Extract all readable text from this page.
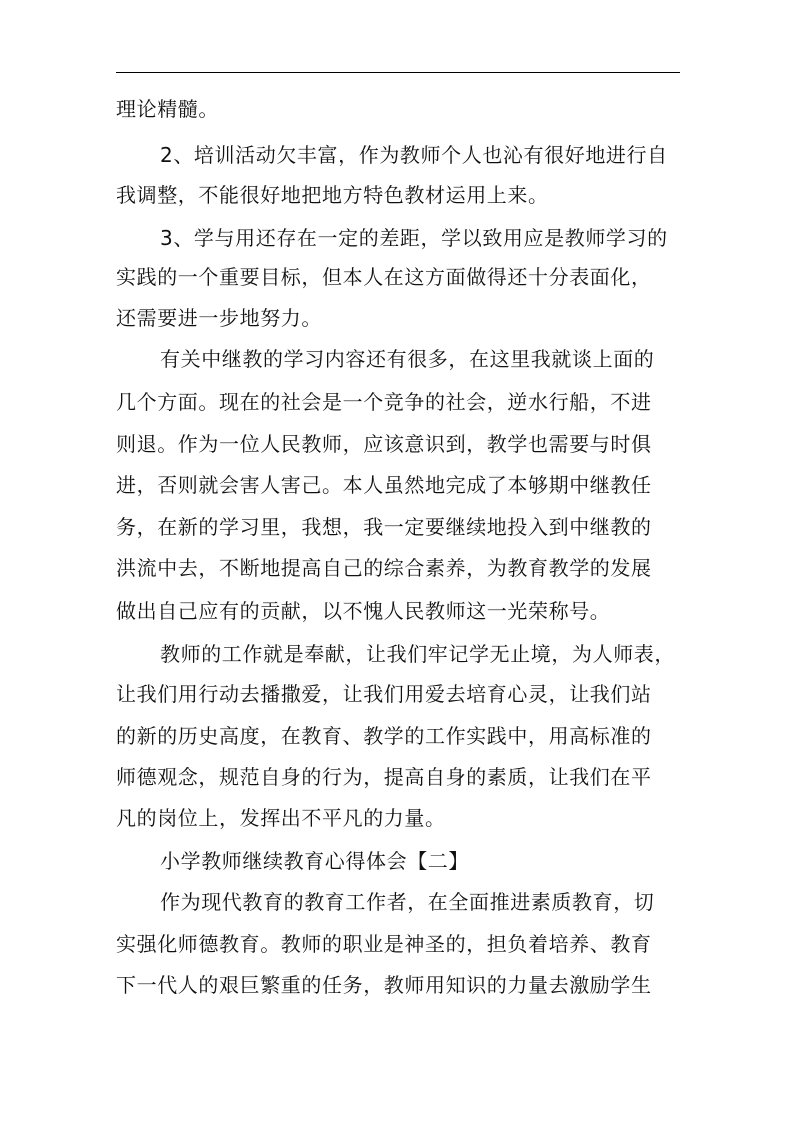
理论精髓。
2、培训活动欠丰富，作为教师个人也沁有很好地进行自
我调整，不能很好地把地方特色教材运用上来。
3、学与用还存在一定的差距，学以致用应是教师学习的
实践的一个重要目标，但本人在这方面做得还十分表面化，
还需要进一步地努力。
有关中继教的学习内容还有很多，在这里我就谈上面的
几个方面。现在的社会是一个竞争的社会，逆水行船，不进
则退。作为一位人民教师，应该意识到，教学也需要与时俱
进，否则就会害人害己。本人虽然地完成了本够期中继教任
务，在新的学习里，我想，我一定要继续地投入到中继教的
洪流中去，不断地提高自己的综合素养，为教育教学的发展
做出自己应有的贡献，以不愧人民教师这一光荣称号。
教师的工作就是奉献，让我们牢记学无止境，为人师表，
让我们用行动去播撒爱，让我们用爱去培育心灵，让我们站
的新的历史高度，在教育、教学的工作实践中，用高标准的
师德观念，规范自身的行为，提高自身的素质，让我们在平
凡的岗位上，发挥出不平凡的力量。
小学教师继续教育心得体会【二】
作为现代教育的教育工作者，在全面推进素质教育，切
实强化师德教育。教师的职业是神圣的，担负着培养、教育
下一代人的艰巨繁重的任务，教师用知识的力量去激励学生
